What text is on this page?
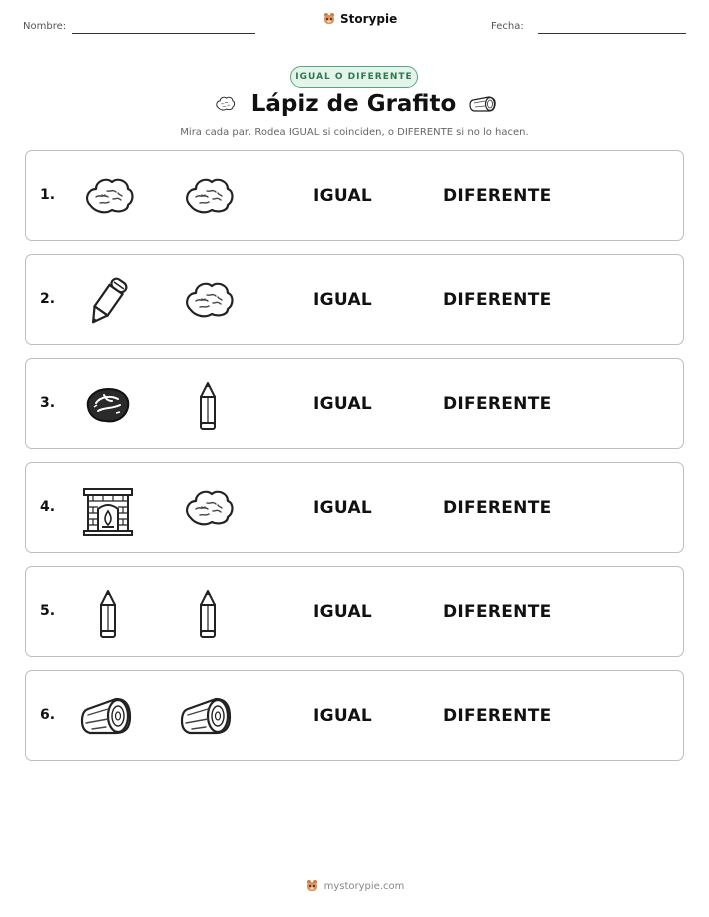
Nombre:
Storypie
Fecha:
IGUAL O DIFERENTE
Lápiz de Grafito
Mira cada par. Rodea IGUAL si coinciden, o DIFERENTE si no lo hacen.
1.	IGUAL	DIFERENTE
2.	IGUAL	DIFERENTE
3.	IGUAL	DIFERENTE
4.	IGUAL	DIFERENTE
5.	IGUAL	DIFERENTE
6.	IGUAL	DIFERENTE
mystorypie.com
